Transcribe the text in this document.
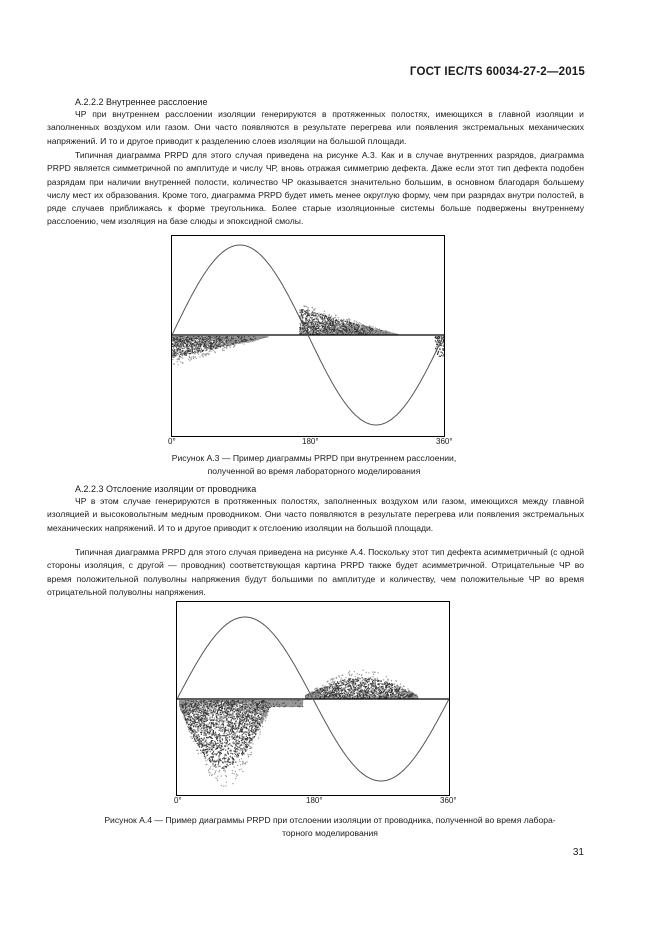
ГОСТ IEC/TS 60034-27-2—2015
А.2.2.2 Внутреннее расслоение

ЧР при внутреннем расслоении изоляции генерируются в протяженных полостях, имеющихся в главной изоляции и заполненных воздухом или газом. Они часто появляются в результате перегрева или появления экстремальных механических напряжений. И то и другое приводит к разделению слоев изоляции на большой площади.

Типичная диаграмма PRPD для этого случая приведена на рисунке А.3. Как и в случае внутренних разрядов, диаграмма PRPD является симметричной по амплитуде и числу ЧР, вновь отражая симметрию дефекта. Даже если этот тип дефекта подобен разрядам при наличии внутренней полости, количество ЧР оказывается значительно большим, в основном благодаря большему числу мест их образования. Кроме того, диаграмма PRPD будет иметь менее округлую форму, чем при разрядах внутри полостей, в ряде случаев приближаясь к форме треугольника. Более старые изоляционные системы больше подвержены внутреннему расслоению, чем изоляция на базе слюды и эпоксидной смолы.

0°	180°	360°
Рисунок А.3 — Пример диаграммы PRPD при внутреннем расслоении,
полученной во время лабораторного моделирования
А.2.2.3 Отслоение изоляции от проводника

ЧР в этом случае генерируются в протяженных полостях, заполненных воздухом или газом, имеющихся между главной изоляцией и высоковольтным медным проводником. Они часто появляются в результате перегрева или появления экстремальных механических напряжений. И то и другое приводит к отслоению изоляции на большой площади.

Типичная диаграмма PRPD для этого случая приведена на рисунке А.4. Поскольку этот тип дефекта асимметричный (с одной стороны изоляция, с другой — проводник) соответствующая картина PRPD также будет асимметричной. Отрицательные ЧР во время положительной полуволны напряжения будут большими по амплитуде и количеству, чем положительные ЧР во время отрицательной полуволны напряжения.

0°	180°	360°
Рисунок А.4 — Пример диаграммы PRPD при отслоении изоляции от проводника, полученной во время лабора-
торного моделирования
31
